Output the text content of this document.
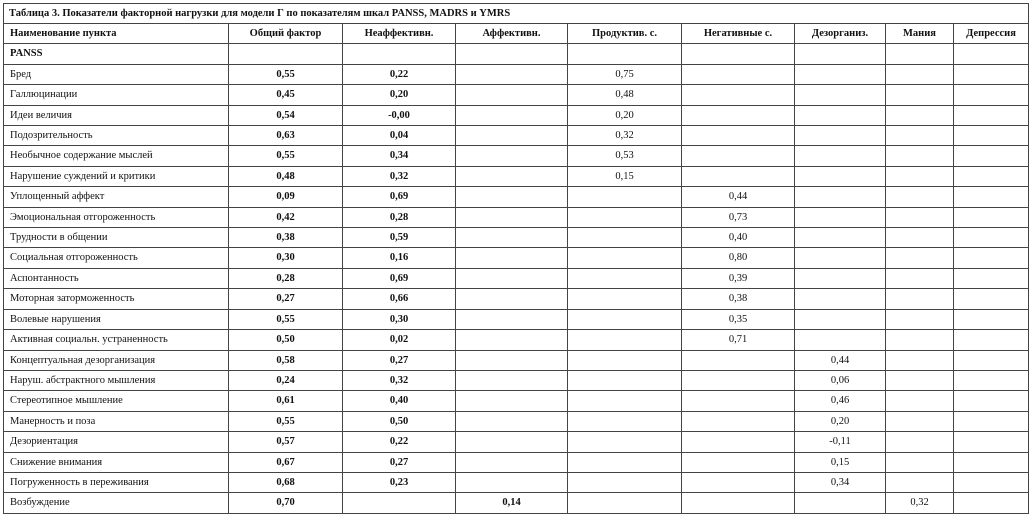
Таблица 3. Показатели факторной нагрузки для модели Г по показателям шкал PANSS, MADRS и YMRS								
Наименование пункта	Общий фактор	Неаффективн.	Аффективн.	Продуктив. с.	Негативные с.	Дезорганиз.	Мания	Депрессия
PANSS								
Бред	0,55	0,22		0,75				
Галлюцинации	0,45	0,20		0,48				
Идеи величия	0,54	-0,00		0,20				
Подозрительность	0,63	0,04		0,32				
Необычное содержание мыслей	0,55	0,34		0,53				
Нарушение суждений и критики	0,48	0,32		0,15				
Уплощенный аффект	0,09	0,69			0,44			
Эмоциональная отгороженность	0,42	0,28			0,73			
Трудности в общении	0,38	0,59			0,40			
Социальная отгороженность	0,30	0,16			0,80			
Аспонтанность	0,28	0,69			0,39			
Моторная заторможенность	0,27	0,66			0,38			
Волевые нарушения	0,55	0,30			0,35			
Активная социальн. устраненность	0,50	0,02			0,71			
Концептуальная дезорганизация	0,58	0,27				0,44		
Наруш. абстрактного мышления	0,24	0,32				0,06		
Стереотипное мышление	0,61	0,40				0,46		
Манерность и поза	0,55	0,50				0,20		
Дезориентация	0,57	0,22				-0,11		
Снижение внимания	0,67	0,27				0,15		
Погруженность в переживания	0,68	0,23				0,34		
Возбуждение	0,70		0,14				0,32	
